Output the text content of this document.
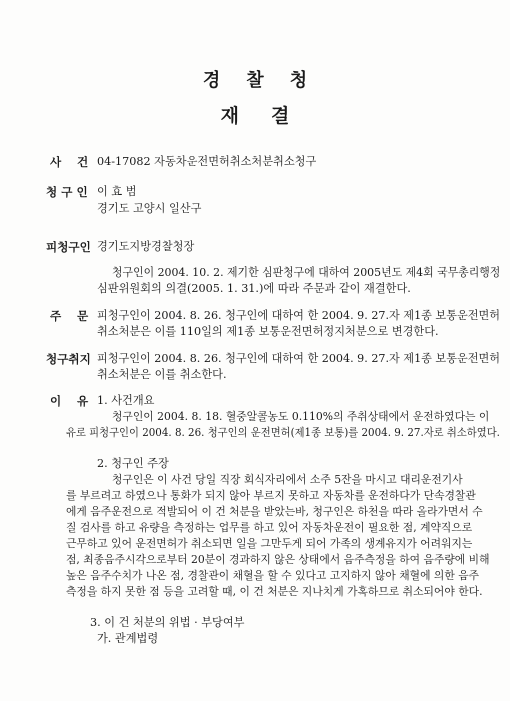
경 찰 청
재 결
사 건 04-17082 자동차운전면허취소처분취소청구
청 구 인 이 효 범
경기도 고양시 일산구
피청구인 경기도지방경찰청장
청구인이 2004. 10. 2. 제기한 심판청구에 대하여 2005년도 제4회 국무총리행정
심판위원회의 의결(2005. 1. 31.)에 따라 주문과 같이 재결한다.
주 문 피청구인이 2004. 8. 26. 청구인에 대하여 한 2004. 9. 27.자 제1종 보통운전면허
취소처분은 이를 110일의 제1종 보통운전면허정지처분으로 변경한다.
청구취지 피청구인이 2004. 8. 26. 청구인에 대하여 한 2004. 9. 27.자 제1종 보통운전면허
취소처분은 이를 취소한다.
이 유 1. 사건개요
청구인이 2004. 8. 18. 혈중알콜농도 0.110%의 주취상태에서 운전하였다는 이
유로 피청구인이 2004. 8. 26. 청구인의 운전면허(제1종 보통)를 2004. 9. 27.자로 취소하였다.
2. 청구인 주장
청구인은 이 사건 당일 직장 회식자리에서 소주 5잔을 마시고 대리운전기사
를 부르려고 하였으나 통화가 되지 않아 부르지 못하고 자동차를 운전하다가 단속경찰관
에게 음주운전으로 적발되어 이 건 처분을 받았는바, 청구인은 하천을 따라 올라가면서 수
질 검사를 하고 유량을 측정하는 업무를 하고 있어 자동차운전이 필요한 점, 계약직으로
근무하고 있어 운전면허가 취소되면 일을 그만두게 되어 가족의 생계유지가 어려워지는
점, 최종음주시각으로부터 20분이 경과하지 않은 상태에서 음주측정을 하여 음주량에 비해
높은 음주수치가 나온 점, 경찰관이 채혈을 할 수 있다고 고지하지 않아 채혈에 의한 음주
측정을 하지 못한 점 등을 고려할 때, 이 건 처분은 지나치게 가혹하므로 취소되어야 한다.
3. 이 건 처분의 위법 · 부당여부
가. 관계법령
